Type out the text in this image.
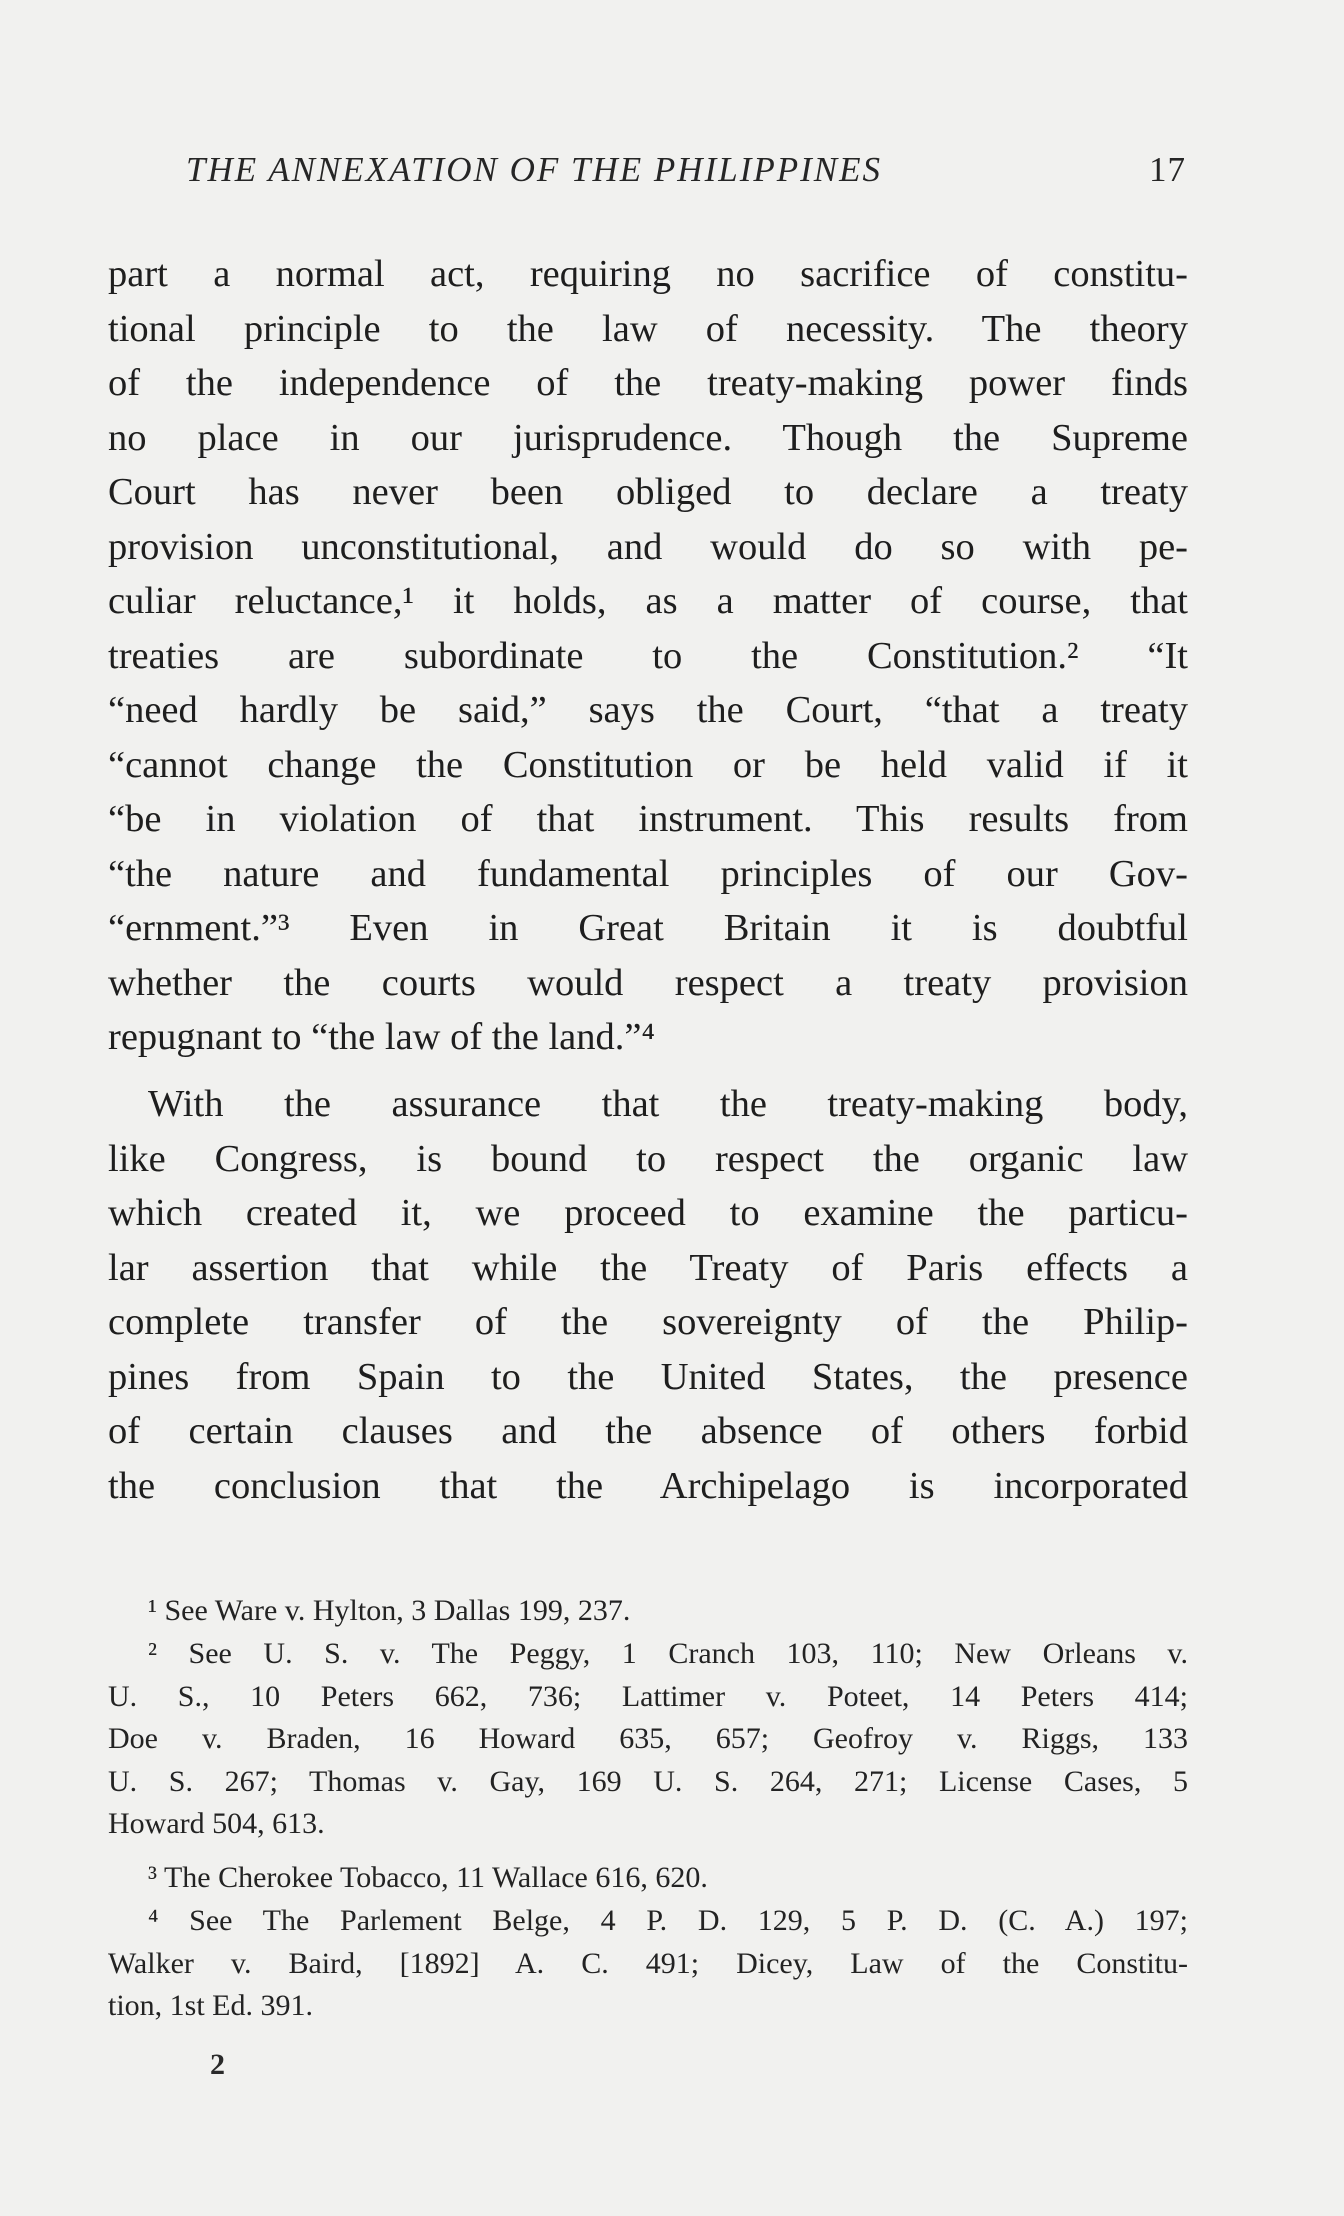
THE ANNEXATION OF THE PHILIPPINES	17
part a normal act, requiring no sacrifice of constitu-
tional principle to the law of necessity. The theory
of the independence of the treaty-making power finds
no place in our jurisprudence. Though the Supreme
Court has never been obliged to declare a treaty
provision unconstitutional, and would do so with pe-
culiar reluctance,¹ it holds, as a matter of course, that
treaties are subordinate to the Constitution.² “It
“need hardly be said,” says the Court, “that a treaty
“cannot change the Constitution or be held valid if it
“be in violation of that instrument. This results from
“the nature and fundamental principles of our Gov-
“ernment.”³ Even in Great Britain it is doubtful
whether the courts would respect a treaty provision
repugnant to “the law of the land.”⁴
With the assurance that the treaty-making body,
like Congress, is bound to respect the organic law
which created it, we proceed to examine the particu-
lar assertion that while the Treaty of Paris effects a
complete transfer of the sovereignty of the Philip-
pines from Spain to the United States, the presence
of certain clauses and the absence of others forbid
the conclusion that the Archipelago is incorporated
¹ See Ware v. Hylton, 3 Dallas 199, 237.
² See U. S. v. The Peggy, 1 Cranch 103, 110; New Orleans v.
U. S., 10 Peters 662, 736; Lattimer v. Poteet, 14 Peters 414;
Doe v. Braden, 16 Howard 635, 657; Geofroy v. Riggs, 133
U. S. 267; Thomas v. Gay, 169 U. S. 264, 271; License Cases, 5
Howard 504, 613.
³ The Cherokee Tobacco, 11 Wallace 616, 620.
⁴ See The Parlement Belge, 4 P. D. 129, 5 P. D. (C. A.) 197;
Walker v. Baird, [1892] A. C. 491; Dicey, Law of the Constitu-
tion, 1st Ed. 391.
2
